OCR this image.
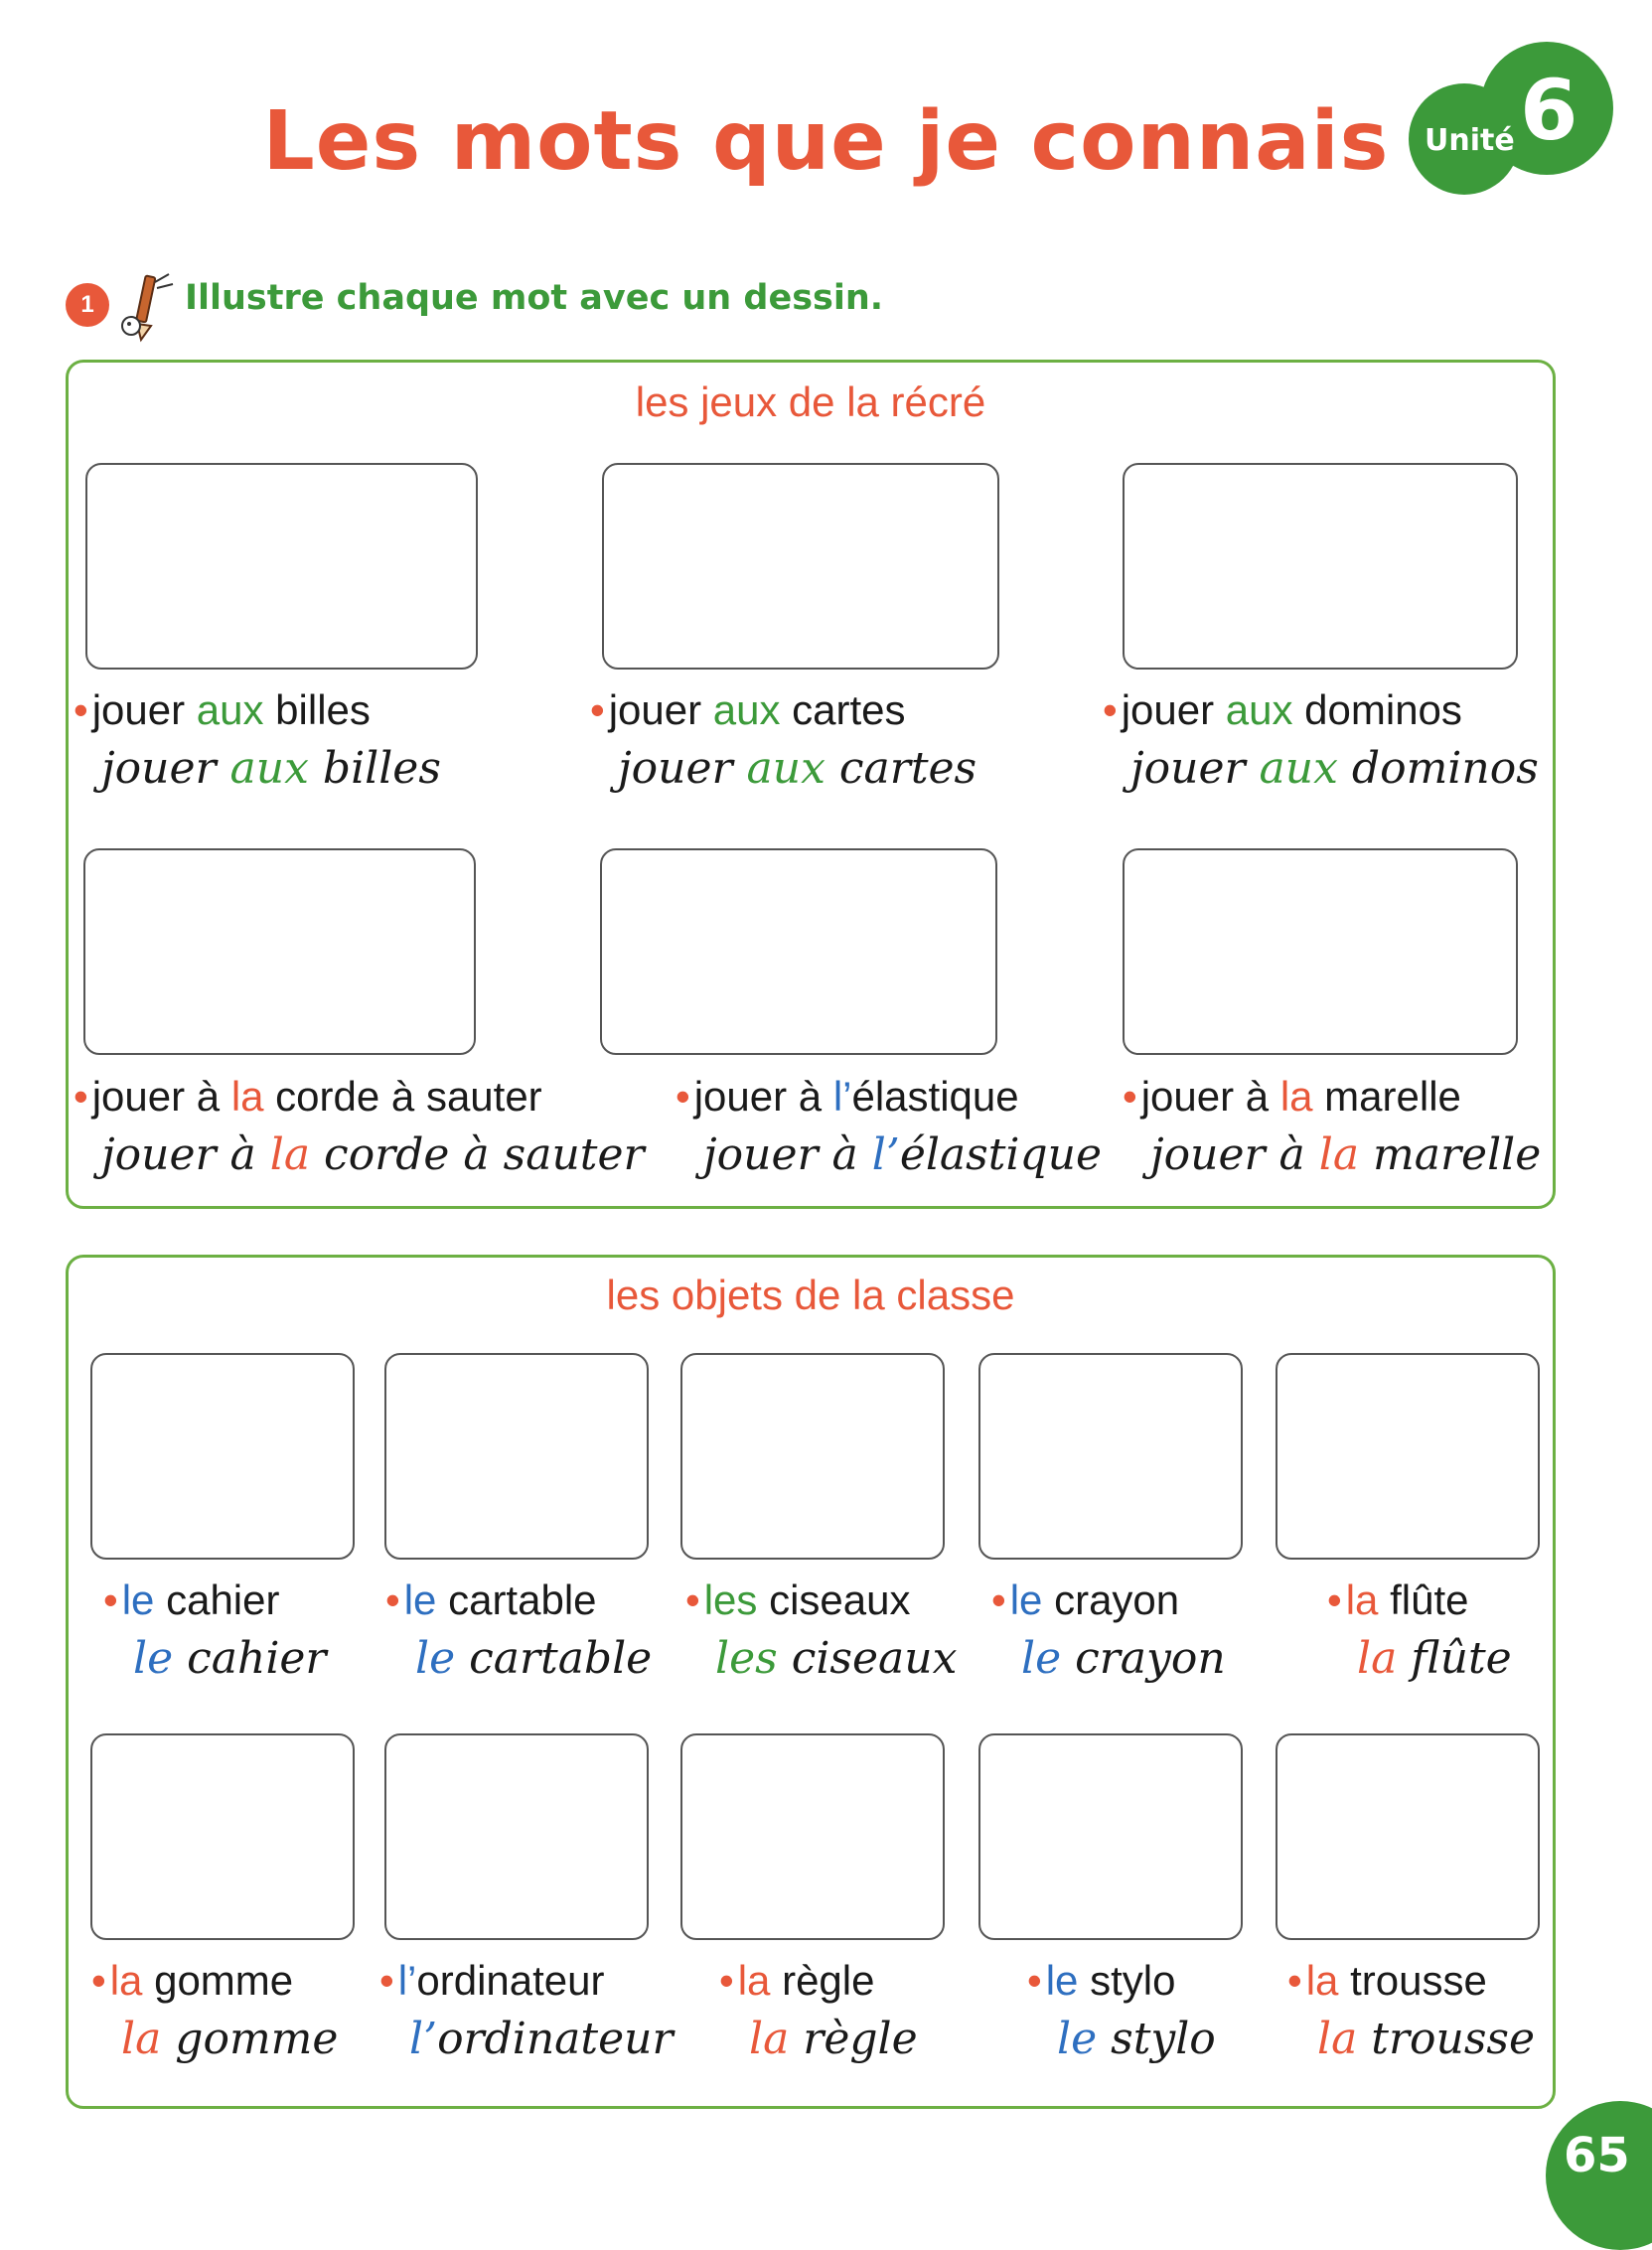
Les mots que je connais	Unité 6
1	Illustre chaque mot avec un dessin.
les jeux de la récré
•jouer aux billes
jouer aux billes
•jouer aux cartes
jouer aux cartes
•jouer aux dominos
jouer aux dominos
•jouer à la corde à sauter
jouer à la corde à sauter
•jouer à l’élastique
jouer à l’élastique
•jouer à la marelle
jouer à la marelle
les objets de la classe
•le cahier
le cahier
•le cartable
le cartable
•les ciseaux
les ciseaux
•le crayon
le crayon
•la flûte
la flûte
•la gomme
la gomme
•l’ordinateur
l’ordinateur
•la règle
la règle
•le stylo
le stylo
•la trousse
la trousse
65
